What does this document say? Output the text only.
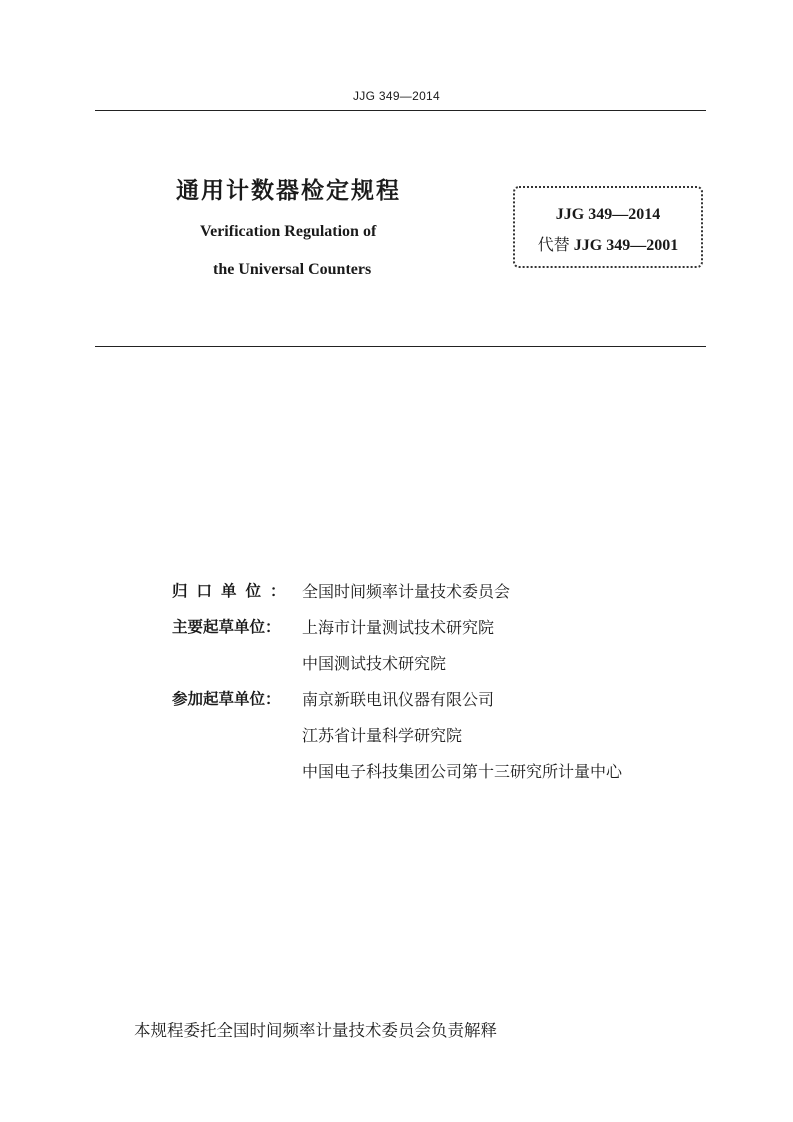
JJG 349—2014
通用计数器检定规程
Verification Regulation of
the Universal Counters
JJG 349—2014
代替 JJG 349—2001
归口单位： 全国时间频率计量技术委员会
主要起草单位：	上海市计量测试技术研究院
中国测试技术研究院
参加起草单位：	南京新联电讯仪器有限公司
江苏省计量科学研究院
中国电子科技集团公司第十三研究所计量中心
本规程委托全国时间频率计量技术委员会负责解释
